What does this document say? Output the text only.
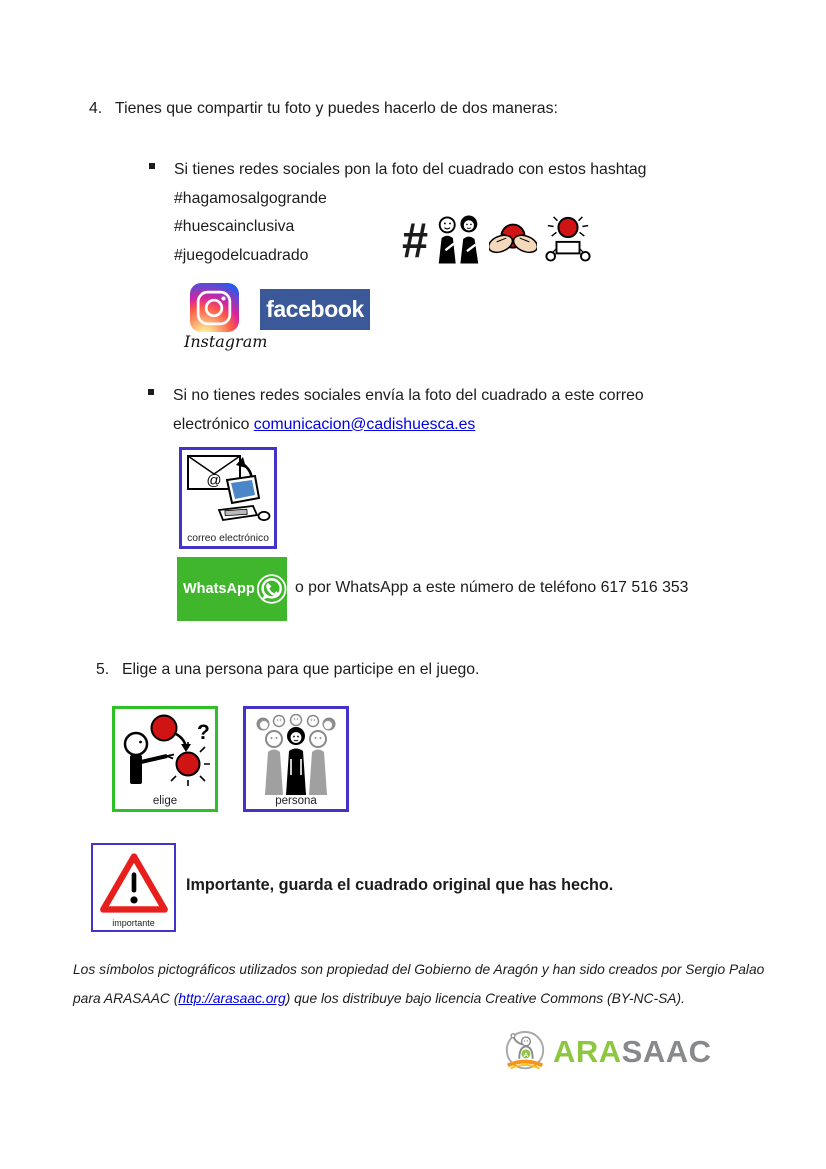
4. Tienes que compartir tu foto y puedes hacerlo de dos maneras:
Si tienes redes sociales pon la foto del cuadrado con estos hashtag
#hagamosalgogrande
#huescainclusiva
#juegodelcuadrado	#
Instagram
facebook
Si no tienes redes sociales envía la foto del cuadrado a este correo electrónico comunicacion@cadishuesca.es
@
correo electrónico
WhatsApp	o por WhatsApp a este número de teléfono 617 516 353
5. Elige a una persona para que participe en el juego.
?
elige	persona
importante
Importante, guarda el cuadrado original que has hecho.
Los símbolos pictográficos utilizados son propiedad del Gobierno de Aragón y han sido creados por Sergio Palao para ARASAAC (http://arasaac.org) que los distribuye bajo licencia Creative Commons (BY-NC-SA).
A ARASAAC
